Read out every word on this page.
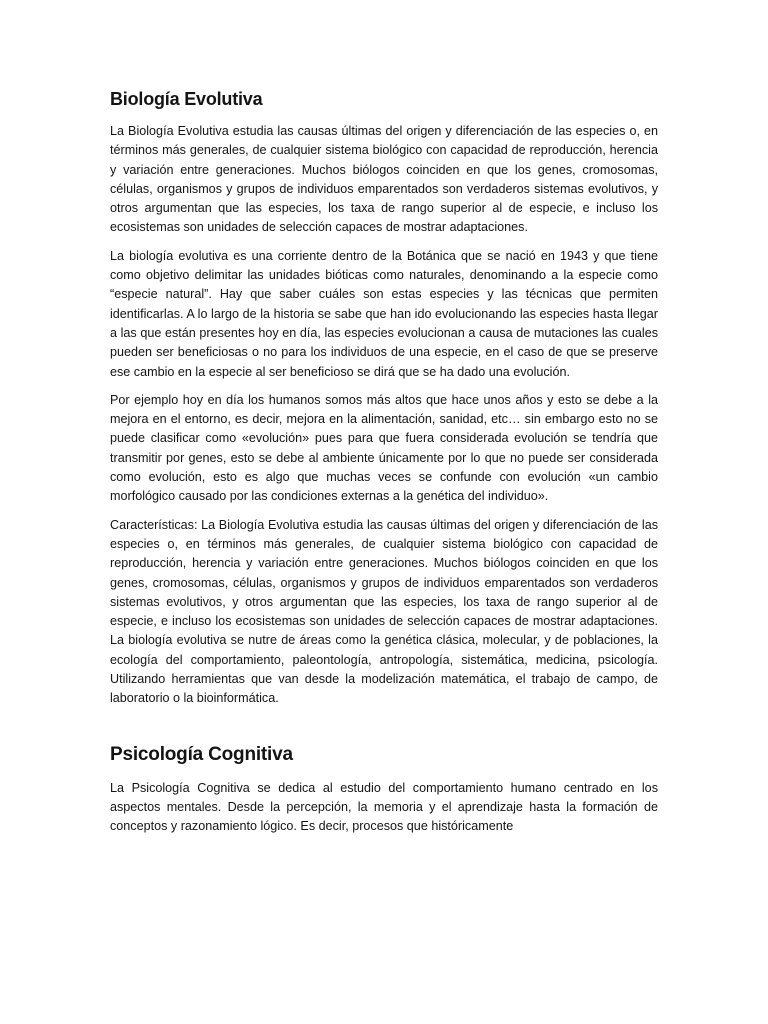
Biología Evolutiva

La Biología Evolutiva estudia las causas últimas del origen y diferenciación de las especies o, en términos más generales, de cualquier sistema biológico con capacidad de reproducción, herencia y variación entre generaciones. Muchos biólogos coinciden en que los genes, cromosomas, células, organismos y grupos de individuos emparentados son verdaderos sistemas evolutivos, y otros argumentan que las especies, los taxa de rango superior al de especie, e incluso los ecosistemas son unidades de selección capaces de mostrar adaptaciones.

La biología evolutiva es una corriente dentro de la Botánica que se nació en 1943 y que tiene como objetivo delimitar las unidades bióticas como naturales, denominando a la especie como “especie natural”. Hay que saber cuáles son estas especies y las técnicas que permiten identificarlas. A lo largo de la historia se sabe que han ido evolucionando las especies hasta llegar a las que están presentes hoy en día, las especies evolucionan a causa de mutaciones las cuales pueden ser beneficiosas o no para los individuos de una especie, en el caso de que se preserve ese cambio en la especie al ser beneficioso se dirá que se ha dado una evolución.

Por ejemplo hoy en día los humanos somos más altos que hace unos años y esto se debe a la mejora en el entorno, es decir, mejora en la alimentación, sanidad, etc… sin embargo esto no se puede clasificar como «evolución» pues para que fuera considerada evolución se tendría que transmitir por genes, esto se debe al ambiente únicamente por lo que no puede ser considerada como evolución, esto es algo que muchas veces se confunde con evolución «un cambio morfológico causado por las condiciones externas a la genética del individuo».

Características: La Biología Evolutiva estudia las causas últimas del origen y diferenciación de las especies o, en términos más generales, de cualquier sistema biológico con capacidad de reproducción, herencia y variación entre generaciones. Muchos biólogos coinciden en que los genes, cromosomas, células, organismos y grupos de individuos emparentados son verdaderos sistemas evolutivos, y otros argumentan que las especies, los taxa de rango superior al de especie, e incluso los ecosistemas son unidades de selección capaces de mostrar adaptaciones. La biología evolutiva se nutre de áreas como la genética clásica, molecular, y de poblaciones, la ecología del comportamiento, paleontología, antropología, sistemática, medicina, psicología. Utilizando herramientas que van desde la modelización matemática, el trabajo de campo, de laboratorio o la bioinformática.

Psicología Cognitiva

La Psicología Cognitiva se dedica al estudio del comportamiento humano centrado en los aspectos mentales. Desde la percepción, la memoria y el aprendizaje hasta la formación de conceptos y razonamiento lógico. Es decir, procesos que históricamente
